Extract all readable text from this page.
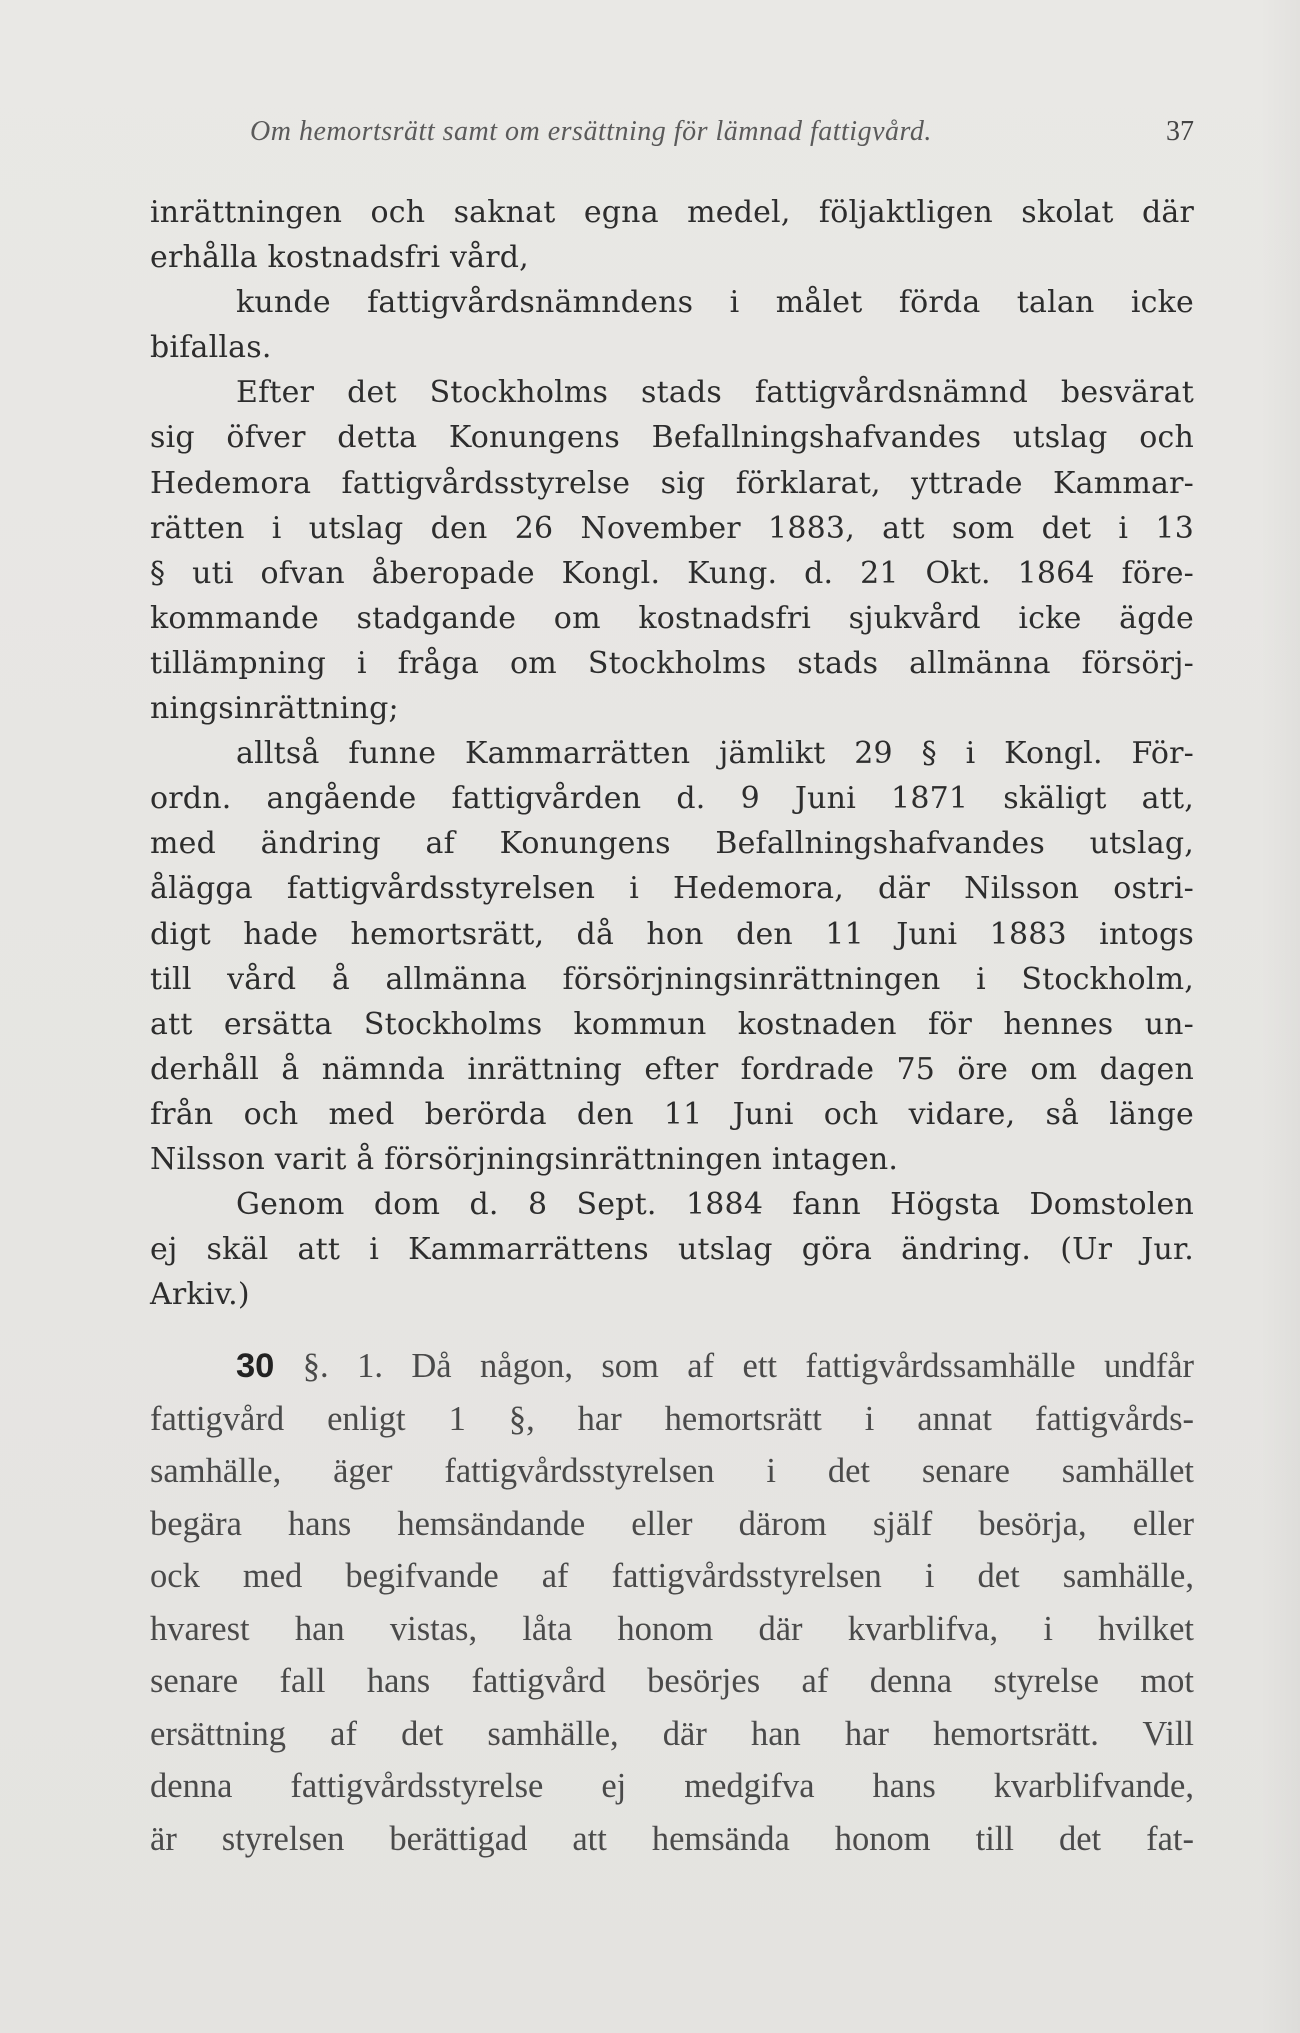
Om hemortsrätt samt om ersättning för lämnad fattigvård.	37
inrättningen och saknat egna medel, följaktligen skolat där
erhålla kostnadsfri vård,
kunde fattigvårdsnämndens i målet förda talan icke
bifallas.
Efter det Stockholms stads fattigvårdsnämnd besvärat
sig öfver detta Konungens Befallningshafvandes utslag och
Hedemora fattigvårdsstyrelse sig förklarat, yttrade Kammar-
rätten i utslag den 26 November 1883, att som det i 13
§ uti ofvan åberopade Kongl. Kung. d. 21 Okt. 1864 före-
kommande stadgande om kostnadsfri sjukvård icke ägde
tillämpning i fråga om Stockholms stads allmänna försörj-
ningsinrättning;
alltså funne Kammarrätten jämlikt 29 § i Kongl. För-
ordn. angående fattigvården d. 9 Juni 1871 skäligt att,
med ändring af Konungens Befallningshafvandes utslag,
ålägga fattigvårdsstyrelsen i Hedemora, där Nilsson ostri-
digt hade hemortsrätt, då hon den 11 Juni 1883 intogs
till vård å allmänna försörjningsinrättningen i Stockholm,
att ersätta Stockholms kommun kostnaden för hennes un-
derhåll å nämnda inrättning efter fordrade 75 öre om dagen
från och med berörda den 11 Juni och vidare, så länge
Nilsson varit å försörjningsinrättningen intagen.
Genom dom d. 8 Sept. 1884 fann Högsta Domstolen
ej skäl att i Kammarrättens utslag göra ändring. (Ur Jur.
Arkiv.)
30 §. 1. Då någon, som af ett fattigvårdssamhälle undfår
fattigvård enligt 1 §, har hemortsrätt i annat fattigvårds-
samhälle, äger fattigvårdsstyrelsen i det senare samhället
begära hans hemsändande eller därom själf besörja, eller
ock med begifvande af fattigvårdsstyrelsen i det samhälle,
hvarest han vistas, låta honom där kvarblifva, i hvilket
senare fall hans fattigvård besörjes af denna styrelse mot
ersättning af det samhälle, där han har hemortsrätt. Vill
denna fattigvårdsstyrelse ej medgifva hans kvarblifvande,
är styrelsen berättigad att hemsända honom till det fat-
